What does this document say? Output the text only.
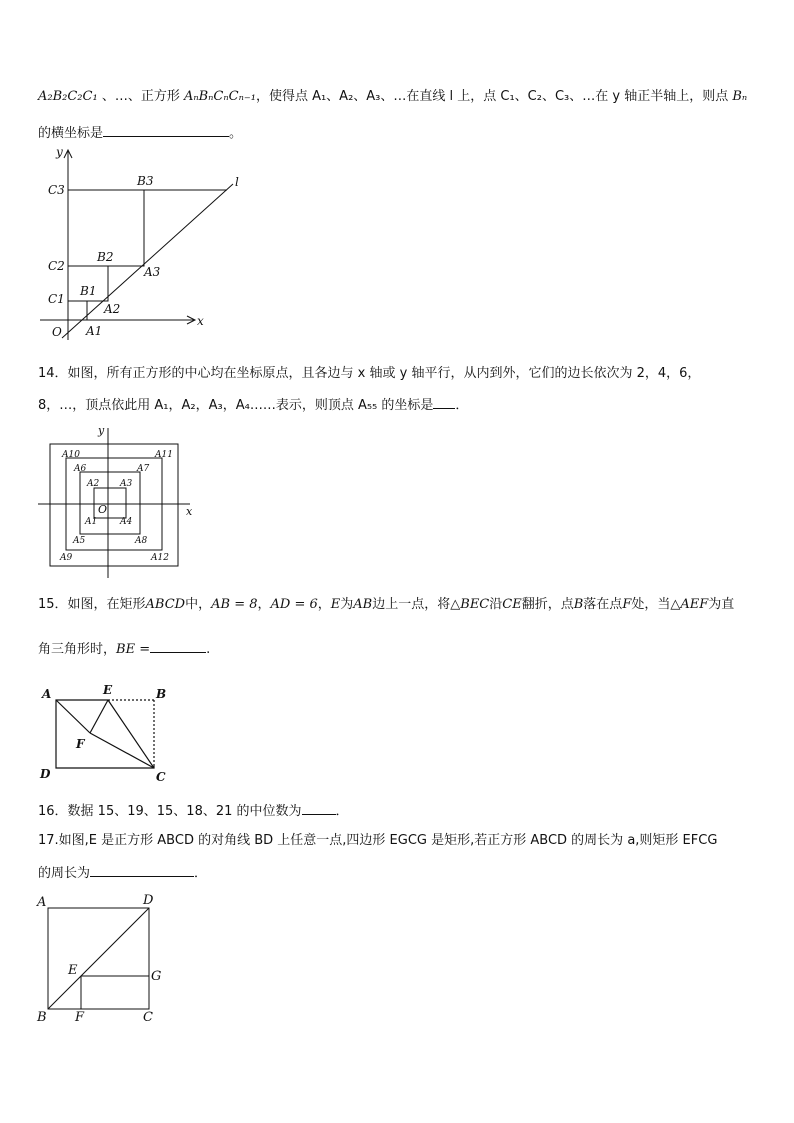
A₂B₂C₂C₁ 、…、正方形 AₙBₙCₙCₙ₋₁，使得点 A₁、A₂、A₃、…在直线 l 上，点 C₁、C₂、C₃、…在 y 轴正半轴上，则点 Bₙ
的横坐标是	。
y
x
l
O
C3
B3
C2
B2
A3
C1
B1
A2
A1
14．如图，所有正方形的中心均在坐标原点，且各边与 x 轴或 y 轴平行，从内到外，它们的边长依次为 2，4，6，
8，…，顶点依此用 A₁，A₂，A₃，A₄……表示，则顶点 A₅₅ 的坐标是 ．
y
x
O
A10	A11
A6	A7
A2 A3
A1	A4
A5	A8
A9	A12
15．如图，在矩形ABCD中，AB = 8，AD = 6，E为AB边上一点，将△BEC沿CE翻折，点B落在点F处，当△AEF为直
角三角形时，BE =	.
A	E	B
F
D	C
16．数据 15、19、15、18、21 的中位数为	．
17.如图,E 是正方形 ABCD 的对角线 BD 上任意一点,四边形 EGCG 是矩形,若正方形 ABCD 的周长为 a,则矩形 EFCG
的周长为	．
A	D
E	G
B F	C
